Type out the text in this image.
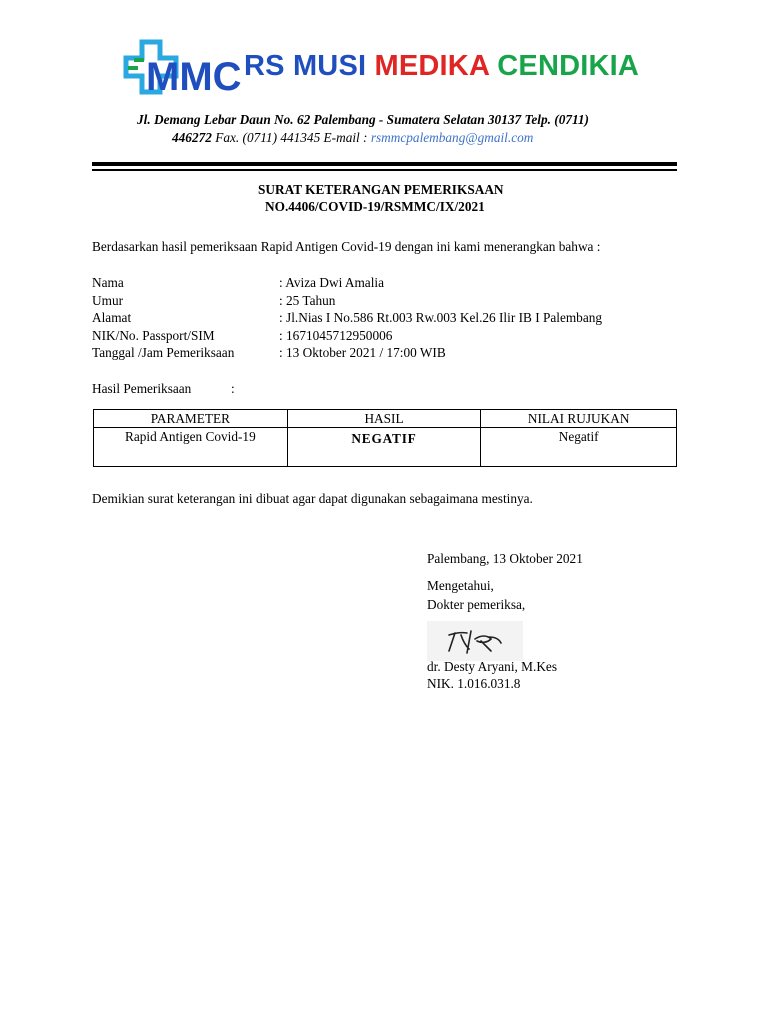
MMC RS MUSI MEDIKA CENDIKIA
Jl. Demang Lebar Daun No. 62 Palembang - Sumatera Selatan 30137 Telp. (0711)
446272 Fax. (0711) 441345 E-mail : rsmmcpalembang@gmail.com
SURAT KETERANGAN PEMERIKSAAN
NO.4406/COVID-19/RSMMC/IX/2021
Berdasarkan hasil pemeriksaan Rapid Antigen Covid-19 dengan ini kami menerangkan bahwa :
Nama	: Aviza Dwi Amalia
Umur	: 25 Tahun
Alamat	: Jl.Nias I No.586 Rt.003 Rw.003 Kel.26 Ilir IB I Palembang
NIK/No. Passport/SIM	: 1671045712950006
Tanggal /Jam Pemeriksaan	: 13 Oktober 2021 / 17:00 WIB
Hasil Pemeriksaan	:
PARAMETER	HASIL	NILAI RUJUKAN
Rapid Antigen Covid-19	NEGATIF	Negatif
Demikian surat keterangan ini dibuat agar dapat digunakan sebagaimana mestinya.
Palembang, 13 Oktober 2021
Mengetahui,
Dokter pemeriksa,
dr. Desty Aryani, M.Kes
NIK. 1.016.031.8
